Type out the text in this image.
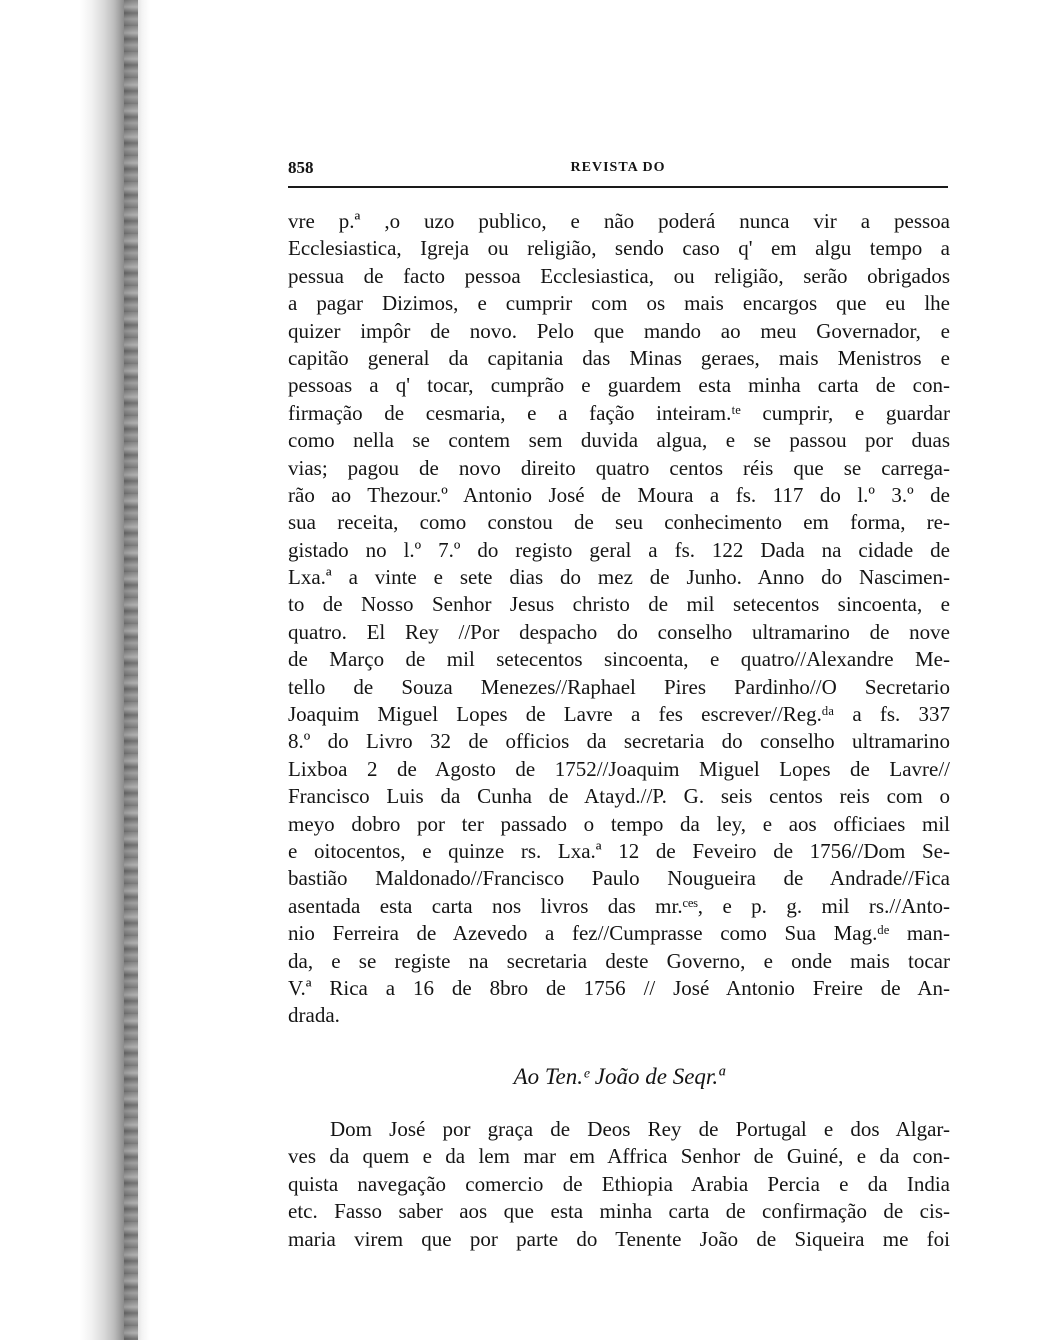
858	REVISTA DO
vre p.ª ,o uzo publico, e não poderá nunca vir a pessoa
Ecclesiastica, Igreja ou religião, sendo caso q' em algu tempo a
pessua de facto pessoa Ecclesiastica, ou religião, serão obrigados
a pagar Dizimos, e cumprir com os mais encargos que eu lhe
quizer impôr de novo. Pelo que mando ao meu Governador, e
capitão general da capitania das Minas geraes, mais Menistros e
pessoas a q' tocar, cumprão e guardem esta minha carta de con-
firmação de cesmaria, e a fação inteiram.ᵗᵉ cumprir, e guardar
como nella se contem sem duvida algua, e se passou por duas
vias; pagou de novo direito quatro centos réis que se carrega-
rão ao Thezour.º Antonio José de Moura a fs. 117 do l.º 3.º de
sua receita, como constou de seu conhecimento em forma, re-
gistado no l.º 7.º do registo geral a fs. 122 Dada na cidade de
Lxa.ª a vinte e sete dias do mez de Junho. Anno do Nascimen-
to de Nosso Senhor Jesus christo de mil setecentos sincoenta, e
quatro. El Rey //Por despacho do conselho ultramarino de nove
de Março de mil setecentos sincoenta, e quatro//Alexandre Me-
tello de Souza Menezes//Raphael Pires Pardinho//O Secretario
Joaquim Miguel Lopes de Lavre a fes escrever//Reg.ᵈᵃ a fs. 337
8.º do Livro 32 de officios da secretaria do conselho ultramarino
Lixboa 2 de Agosto de 1752//Joaquim Miguel Lopes de Lavre//
Francisco Luis da Cunha de Atayd.//P. G. seis centos reis com o
meyo dobro por ter passado o tempo da ley, e aos officiaes mil
e oitocentos, e quinze rs. Lxa.ª 12 de Feveiro de 1756//Dom Se-
bastião Maldonado//Francisco Paulo Nougueira de Andrade//Fica
asentada esta carta nos livros das mr.ᶜᵉˢ, e p. g. mil rs.//Anto-
nio Ferreira de Azevedo a fez//Cumprasse como Sua Mag.ᵈᵉ man-
da, e se registe na secretaria deste Governo, e onde mais tocar
V.ª Rica a 16 de 8bro de 1756 // José Antonio Freire de An-
drada.
Ao Ten.ᵉ João de Seqr.ª
Dom José por graça de Deos Rey de Portugal e dos Algar-
ves da quem e da lem mar em Affrica Senhor de Guiné, e da con-
quista navegação comercio de Ethiopia Arabia Percia e da India
etc. Fasso saber aos que esta minha carta de confirmação de cis-
maria virem que por parte do Tenente João de Siqueira me foi
